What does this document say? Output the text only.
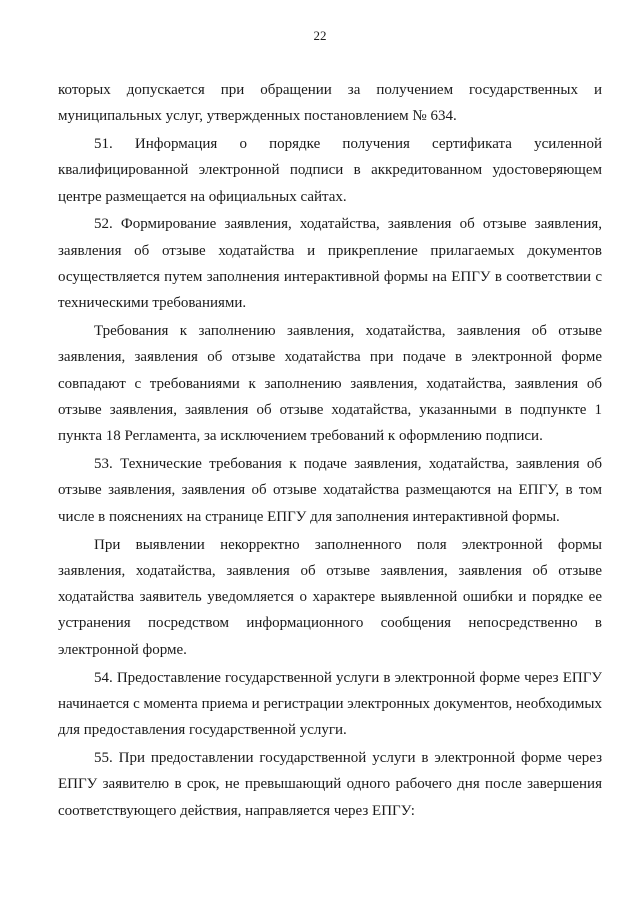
22

которых допускается при обращении за получением государственных и муниципальных услуг, утвержденных постановлением № 634.

51. Информация о порядке получения сертификата усиленной квалифицированной электронной подписи в аккредитованном удостоверяющем центре размещается на официальных сайтах.

52. Формирование заявления, ходатайства, заявления об отзыве заявления, заявления об отзыве ходатайства и прикрепление прилагаемых документов осуществляется путем заполнения интерактивной формы на ЕПГУ в соответствии с техническими требованиями.

Требования к заполнению заявления, ходатайства, заявления об отзыве заявления, заявления об отзыве ходатайства при подаче в электронной форме совпадают с требованиями к заполнению заявления, ходатайства, заявления об отзыве заявления, заявления об отзыве ходатайства, указанными в подпункте 1 пункта 18 Регламента, за исключением требований к оформлению подписи.

53. Технические требования к подаче заявления, ходатайства, заявления об отзыве заявления, заявления об отзыве ходатайства размещаются на ЕПГУ, в том числе в пояснениях на странице ЕПГУ для заполнения интерактивной формы.

При выявлении некорректно заполненного поля электронной формы заявления, ходатайства, заявления об отзыве заявления, заявления об отзыве ходатайства заявитель уведомляется о характере выявленной ошибки и порядке ее устранения посредством информационного сообщения непосредственно в электронной форме.

54. Предоставление государственной услуги в электронной форме через ЕПГУ начинается с момента приема и регистрации электронных документов, необходимых для предоставления государственной услуги.

55. При предоставлении государственной услуги в электронной форме через ЕПГУ заявителю в срок, не превышающий одного рабочего дня после завершения соответствующего действия, направляется через ЕПГУ:
